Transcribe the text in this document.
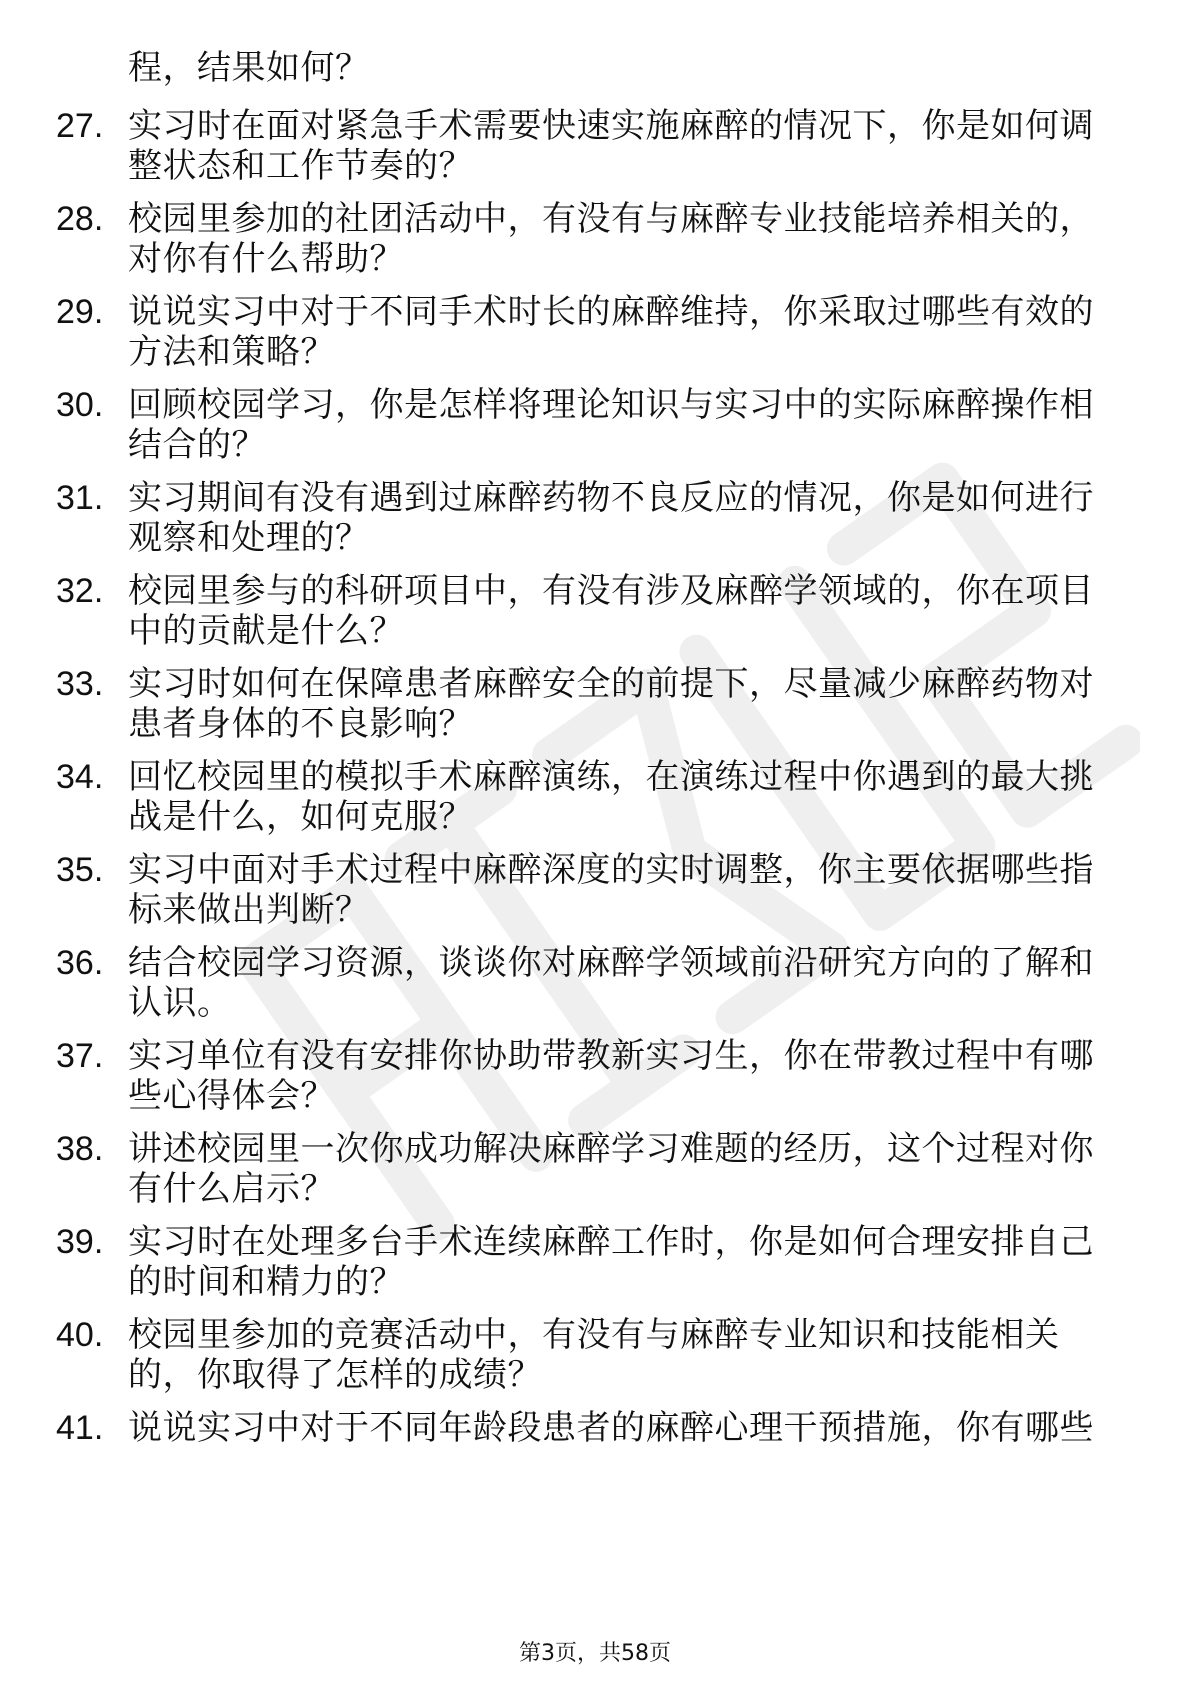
程，结果如何？
27. 实习时在面对紧急手术需要快速实施麻醉的情况下，你是如何调
整状态和工作节奏的？
28. 校园里参加的社团活动中，有没有与麻醉专业技能培养相关的，
对你有什么帮助？
29. 说说实习中对于不同手术时长的麻醉维持，你采取过哪些有效的
方法和策略？
30. 回顾校园学习，你是怎样将理论知识与实习中的实际麻醉操作相
结合的？
31. 实习期间有没有遇到过麻醉药物不良反应的情况，你是如何进行
观察和处理的？
32. 校园里参与的科研项目中，有没有涉及麻醉学领域的，你在项目
中的贡献是什么？
33. 实习时如何在保障患者麻醉安全的前提下，尽量减少麻醉药物对
患者身体的不良影响？
34. 回忆校园里的模拟手术麻醉演练，在演练过程中你遇到的最大挑
战是什么，如何克服？
35. 实习中面对手术过程中麻醉深度的实时调整，你主要依据哪些指
标来做出判断？
36. 结合校园学习资源，谈谈你对麻醉学领域前沿研究方向的了解和
认识。
37. 实习单位有没有安排你协助带教新实习生，你在带教过程中有哪
些心得体会？
38. 讲述校园里一次你成功解决麻醉学习难题的经历，这个过程对你
有什么启示？
39. 实习时在处理多台手术连续麻醉工作时，你是如何合理安排自己
的时间和精力的？
40. 校园里参加的竞赛活动中，有没有与麻醉专业知识和技能相关
的，你取得了怎样的成绩？
41. 说说实习中对于不同年龄段患者的麻醉心理干预措施，你有哪些
第3页，共58页
